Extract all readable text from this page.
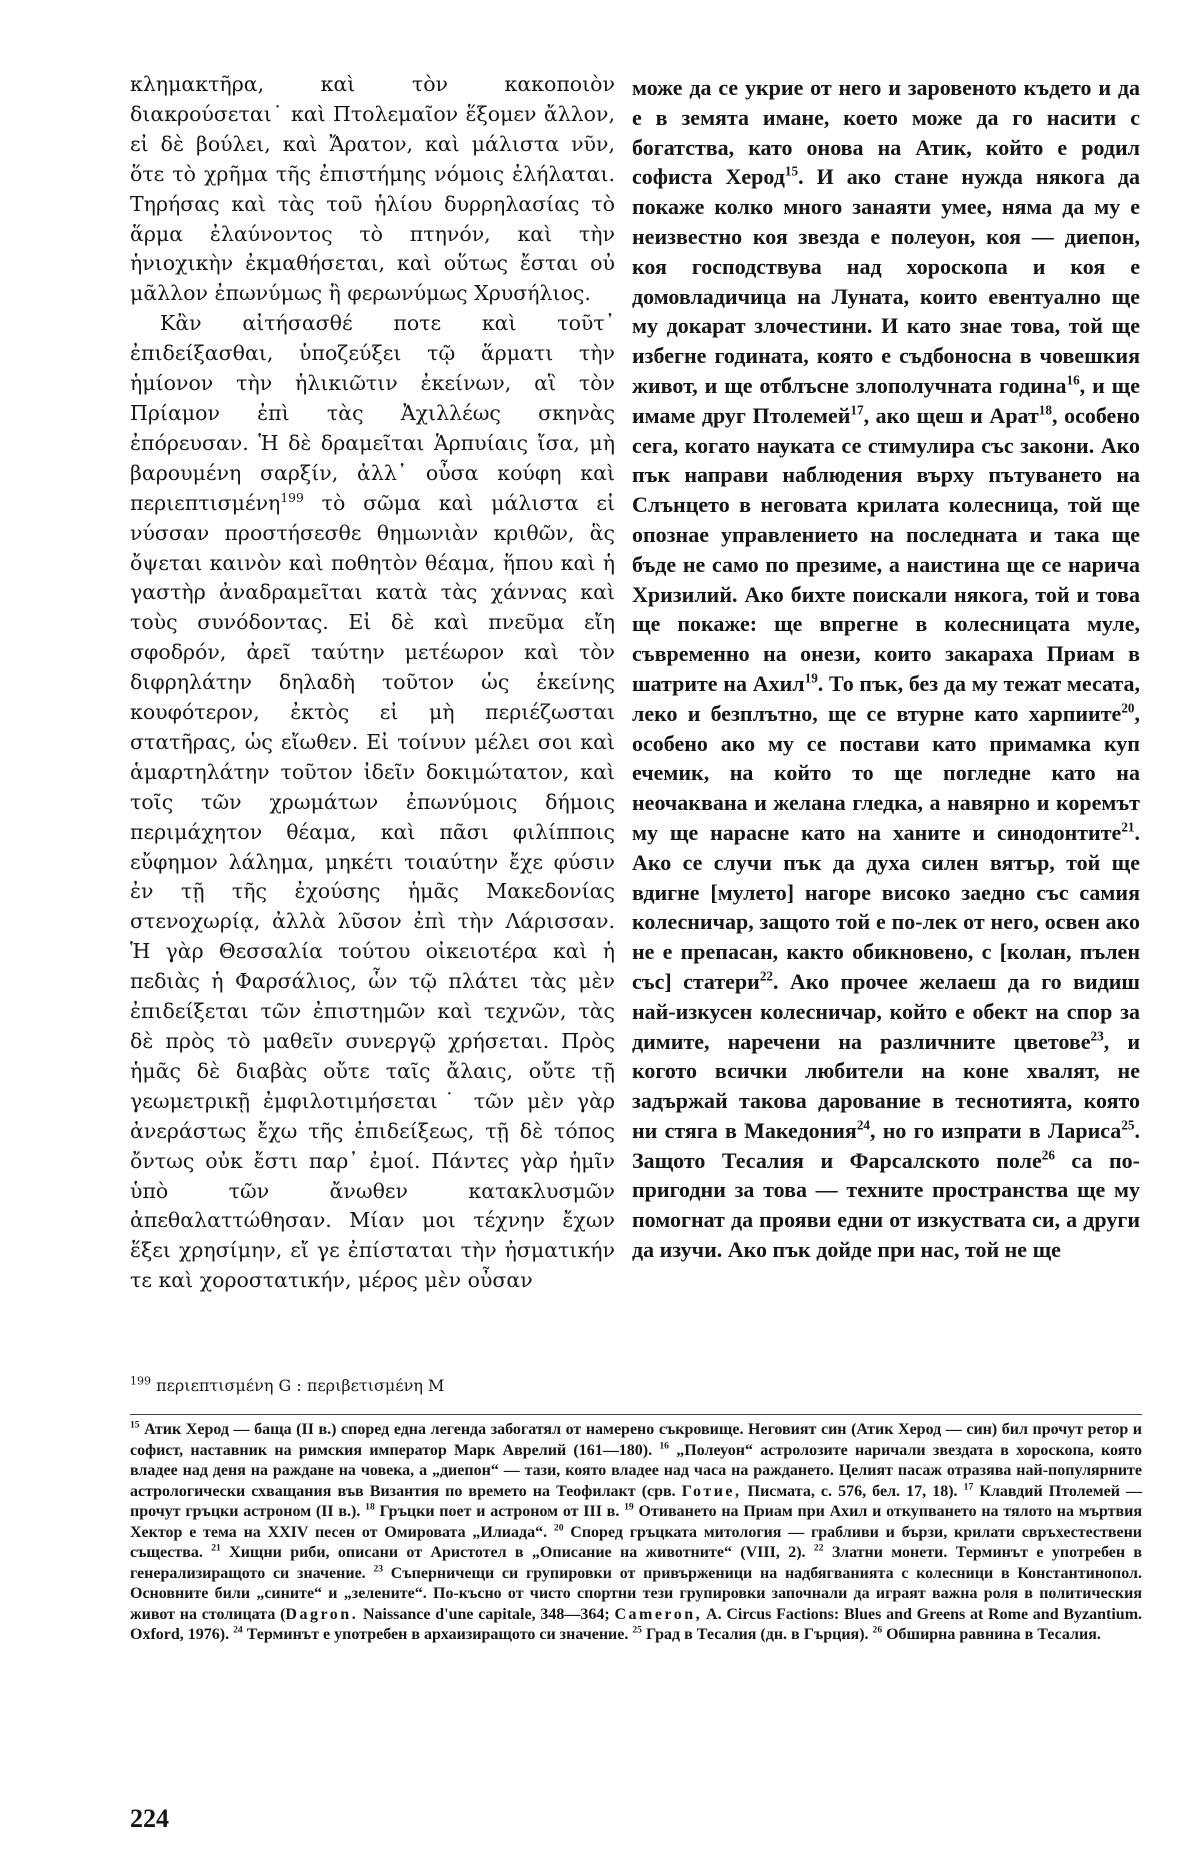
κλημακτῆρα, καὶ τὸν κακοποιὸν διακρούσεται˙ καὶ Πτολεμαῖον ἕξομεν ἄλλον, εἰ δὲ βούλει, καὶ Ἄρατον, καὶ μάλιστα νῦν, ὅτε τὸ χρῆμα τῆς ἐπιστήμης νόμοις ἐλήλαται. Τηρήσας καὶ τὰς τοῦ ἡλίου δυρρηλασίας τὸ ἅρμα ἐλαύνοντος τὸ πτηνόν, καὶ τὴν ἡνιοχικὴν ἐκμαθήσεται, καὶ οὕτως ἔσται οὐ μᾶλλον ἐπωνύμως ἢ φερωνύμως Χρυσήλιος.

Κἂν αἰτήσασθέ ποτε καὶ τοῦτ᾽ ἐπιδείξασθαι, ὑποζεύξει τῷ ἅρματι τὴν ἡμίονον τὴν ἡλικιῶτιν ἐκείνων, αἳ τὸν Πρίαμον ἐπὶ τὰς Ἀχιλλέως σκηνὰς ἐπόρευσαν. Ἡ δὲ δραμεῖται Ἁρπυίαις ἴσα, μὴ βαρουμένη σαρξίν, ἀλλ᾽ οὖσα κούφη καὶ περιεπτισμένη$^{199}$ τὸ σῶμα καὶ μάλιστα εἰ νύσσαν προστήσεσθε θημωνιὰν κριθῶν, ἃς ὄψεται καινὸν καὶ ποθητὸν θέαμα, ἥπου καὶ ἡ γαστὴρ ἀναδραμεῖται κατὰ τὰς χάννας καὶ τοὺς συνόδοντας. Εἰ δὲ καὶ πνεῦμα εἴη σφοδρόν, ἀρεῖ ταύτην μετέωρον καὶ τὸν διφρηλάτην δηλαδὴ τοῦτον ὡς ἐκείνης κουφότερον, ἐκτὸς εἰ μὴ περιέζωσται στατῆρας, ὡς εἴωθεν. Εἰ τοίνυν μέλει σοι καὶ ἁμαρτηλάτην τοῦτον ἰδεῖν δοκιμώτατον, καὶ τοῖς τῶν χρωμάτων ἐπωνύμοις δήμοις περιμάχητον θέαμα, καὶ πᾶσι φιλίπποις εὔφημον λάλημα, μηκέτι τοιαύτην ἔχε φύσιν ἐν τῇ τῆς ἐχούσης ἡμᾶς Μακεδονίας στενοχωρίᾳ, ἀλλὰ λῦσον ἐπὶ τὴν Λάρισσαν. Ἡ γὰρ Θεσσαλία τούτου οἰκειοτέρα καὶ ἡ πεδιὰς ἡ Φαρσάλιος, ὧν τῷ πλάτει τὰς μὲν ἐπιδείξεται τῶν ἐπιστημῶν καὶ τεχνῶν, τὰς δὲ πρὸς τὸ μαθεῖν συνεργῷ χρήσεται. Πρὸς ἡμᾶς δὲ διαβὰς οὔτε ταῖς ἄλαις, οὔτε τῇ γεωμετρικῇ ἐμφιλοτιμήσεται˙ τῶν μὲν γὰρ ἀνεράστως ἔχω τῆς ἐπιδείξεως, τῇ δὲ τόπος ὄντως οὐκ ἔστι παρ᾽ ἐμοί. Πάντες γὰρ ἡμῖν ὑπὸ τῶν ἄνωθεν κατακλυσμῶν ἀπεθαλαττώθησαν. Μίαν μοι τέχνην ἔχων ἕξει χρησίμην, εἴ γε ἐπίσταται τὴν ἠσματικήν τε καὶ χοροστατικήν, μέρος μὲν οὖσαν

може да се укрие от него и заровеното където и да е в земята имане, което може да го насити с богатства, като онова на Атик, който е родил софиста Херод$^{15}$. И ако стане нужда някога да покаже колко много занаяти умее, няма да му е неизвестно коя звезда е полеуон, коя — диепон, коя господствува над хороскопа и коя е домовладичица на Луната, които евентуално ще му докарат злочестини. И като знае това, той ще избегне годината, която е съдбоносна в човешкия живот, и ще отблъсне злополучната година$^{16}$, и ще имаме друг Птолемей$^{17}$, ако щеш и Арат$^{18}$, особено сега, когато науката се стимулира със закони. Ако пък направи наблюдения върху пътуването на Слънцето в неговата крилата колесница, той ще опознае управлението на последната и така ще бъде не само по презиме, а наистина ще се нарича Хризилий. Ако бихте поискали някога, той и това ще покаже: ще впрегне в колесницата муле, съвременно на онези, които закараха Приам в шатрите на Ахил$^{19}$. То пък, без да му тежат месата, леко и безплътно, ще се втурне като харпиите$^{20}$, особено ако му се постави като примамка куп ечемик, на който то ще погледне като на неочаквана и желана гледка, а навярно и коремът му ще нарасне като на ханите и синодонтите$^{21}$. Ако се случи пък да духа силен вятър, той ще вдигне [мулето] нагоре високо заедно със самия колесничар, защото той е по-лек от него, освен ако не е препасан, както обикновено, с [колан, пълен със] статери$^{22}$. Ако прочее желаеш да го видиш най-изкусен колесничар, който е обект на спор за димите, наречени на различните цветове$^{23}$, и когото всички любители на коне хвалят, не задържай такова дарование в теснотията, която ни стяга в Македония$^{24}$, но го изпрати в Лариса$^{25}$. Защото Тесалия и Фарсалското поле$^{26}$ са по-пригодни за това — техните пространства ще му помогнат да прояви едни от изкуствата си, а други да изучи. Ако пък дойде при нас, той не ще

$^{199}$ περιεπτισμένη G : περιβετισμένη M

$^{15}$ Атик Херод — баща (II в.) според една легенда забогатял от намерено съкровище. Неговият син (Атик Херод — син) бил прочут ретор и софист, наставник на римския император Марк Аврелий (161—180). $^{16}$ „Полеуон“ астролозите наричали звездата в хороскопа, която владее над деня на раждане на човека, а „диепон“ — тази, която владее над часа на раждането. Целият пасаж отразява най-популярните астрологически схващания във Византия по времето на Теофилакт (срв. Готие, Писмата, с. 576, бел. 17, 18). $^{17}$ Клавдий Птолемей — прочут гръцки астроном (II в.). $^{18}$ Гръцки поет и астроном от III в. $^{19}$ Отиването на Приам при Ахил и откупването на тялото на мъртвия Хектор е тема на XXIV песен от Омировата „Илиада“. $^{20}$ Според гръцката митология — грабливи и бързи, крилати свръхестествени същества. $^{21}$ Хищни риби, описани от Аристотел в „Описание на животните“ (VIII, 2). $^{22}$ Златни монети. Терминът е употребен в генерализиращото си значение. $^{23}$ Съперничещи си групировки от привърженици на надбягванията с колесници в Константинопол. Основните били „сините“ и „зелените“. По-късно от чисто спортни тези групировки започнали да играят важна роля в политическия живот на столицата (Dagron. Naissance d'une capitale, 348—364; Cameron, A. Circus Factions: Blues and Greens at Rome and Byzantium. Oxford, 1976). $^{24}$ Терминът е употребен в архаизиращото си значение. $^{25}$ Град в Тесалия (дн. в Гърция). $^{26}$ Обширна равнина в Тесалия.

224
